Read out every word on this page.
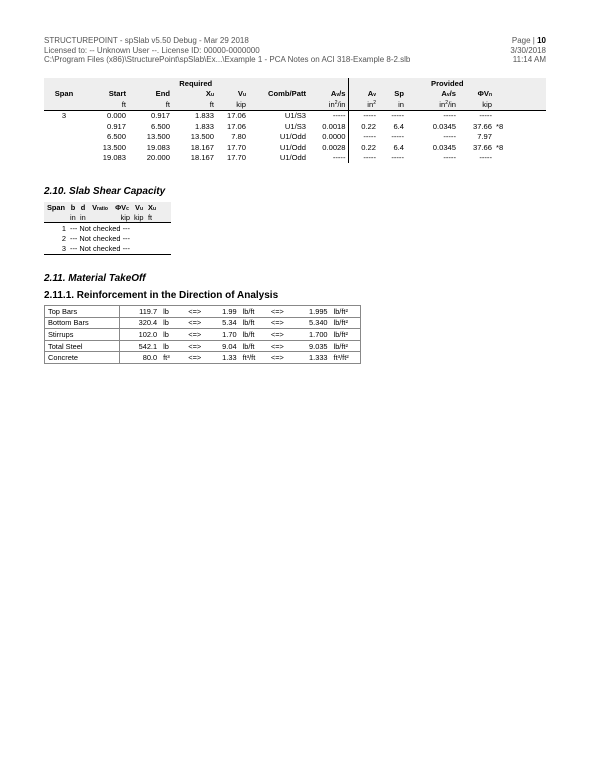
STRUCTUREPOINT - spSlab v5.50 Debug - Mar 29 2018	Page | 10
Licensed to: -- Unknown User --. License ID: 00000-0000000	3/30/2018
C:\Program Files (x86)\StructurePoint\spSlab\Ex...\Example 1 - PCA Notes on ACI 318-Example 8-2.slb	11:14 AM
Required							Provided				
Span	Start	End	Xu	Vu	Comb/Patt	Av/s	Av	Sp	Av/s	ΦVn	
	ft	ft	ft	kip		$in^2/in$	$in^2$	in	$in^2/in$	kip	
3	0.000	0.917	1.833	17.06	U1/S3	-----	-----	-----	-----	-----	
	0.917	6.500	1.833	17.06	U1/S3	0.0018	0.22	6.4	0.0345	37.66	*8
	6.500	13.500	13.500	7.80	U1/Odd	0.0000	-----	-----	-----	7.97	
	13.500	19.083	18.167	17.70	U1/Odd	0.0028	0.22	6.4	0.0345	37.66	*8
	19.083	20.000	18.167	17.70	U1/Odd	-----	-----	-----	-----	-----	
2.10. Slab Shear Capacity
Span	b	d	Vratio	ΦVc	Vu	Xu
	in	in		kip	kip	ft
1	--- Not checked ---					
2	--- Not checked ---					
3	--- Not checked ---					
2.11. Material TakeOff
2.11.1. Reinforcement in the Direction of Analysis
Top Bars	119.7	lb	<=>	1.99	lb/ft	<=>	1.995	lb/ft²
Bottom Bars	320.4	lb	<=>	5.34	lb/ft	<=>	5.340	lb/ft²
Stirrups	102.0	lb	<=>	1.70	lb/ft	<=>	1.700	lb/ft²
Total Steel	542.1	lb	<=>	9.04	lb/ft	<=>	9.035	lb/ft²
Concrete	80.0	ft³	<=>	1.33	ft³/ft	<=>	1.333	ft³/ft²
